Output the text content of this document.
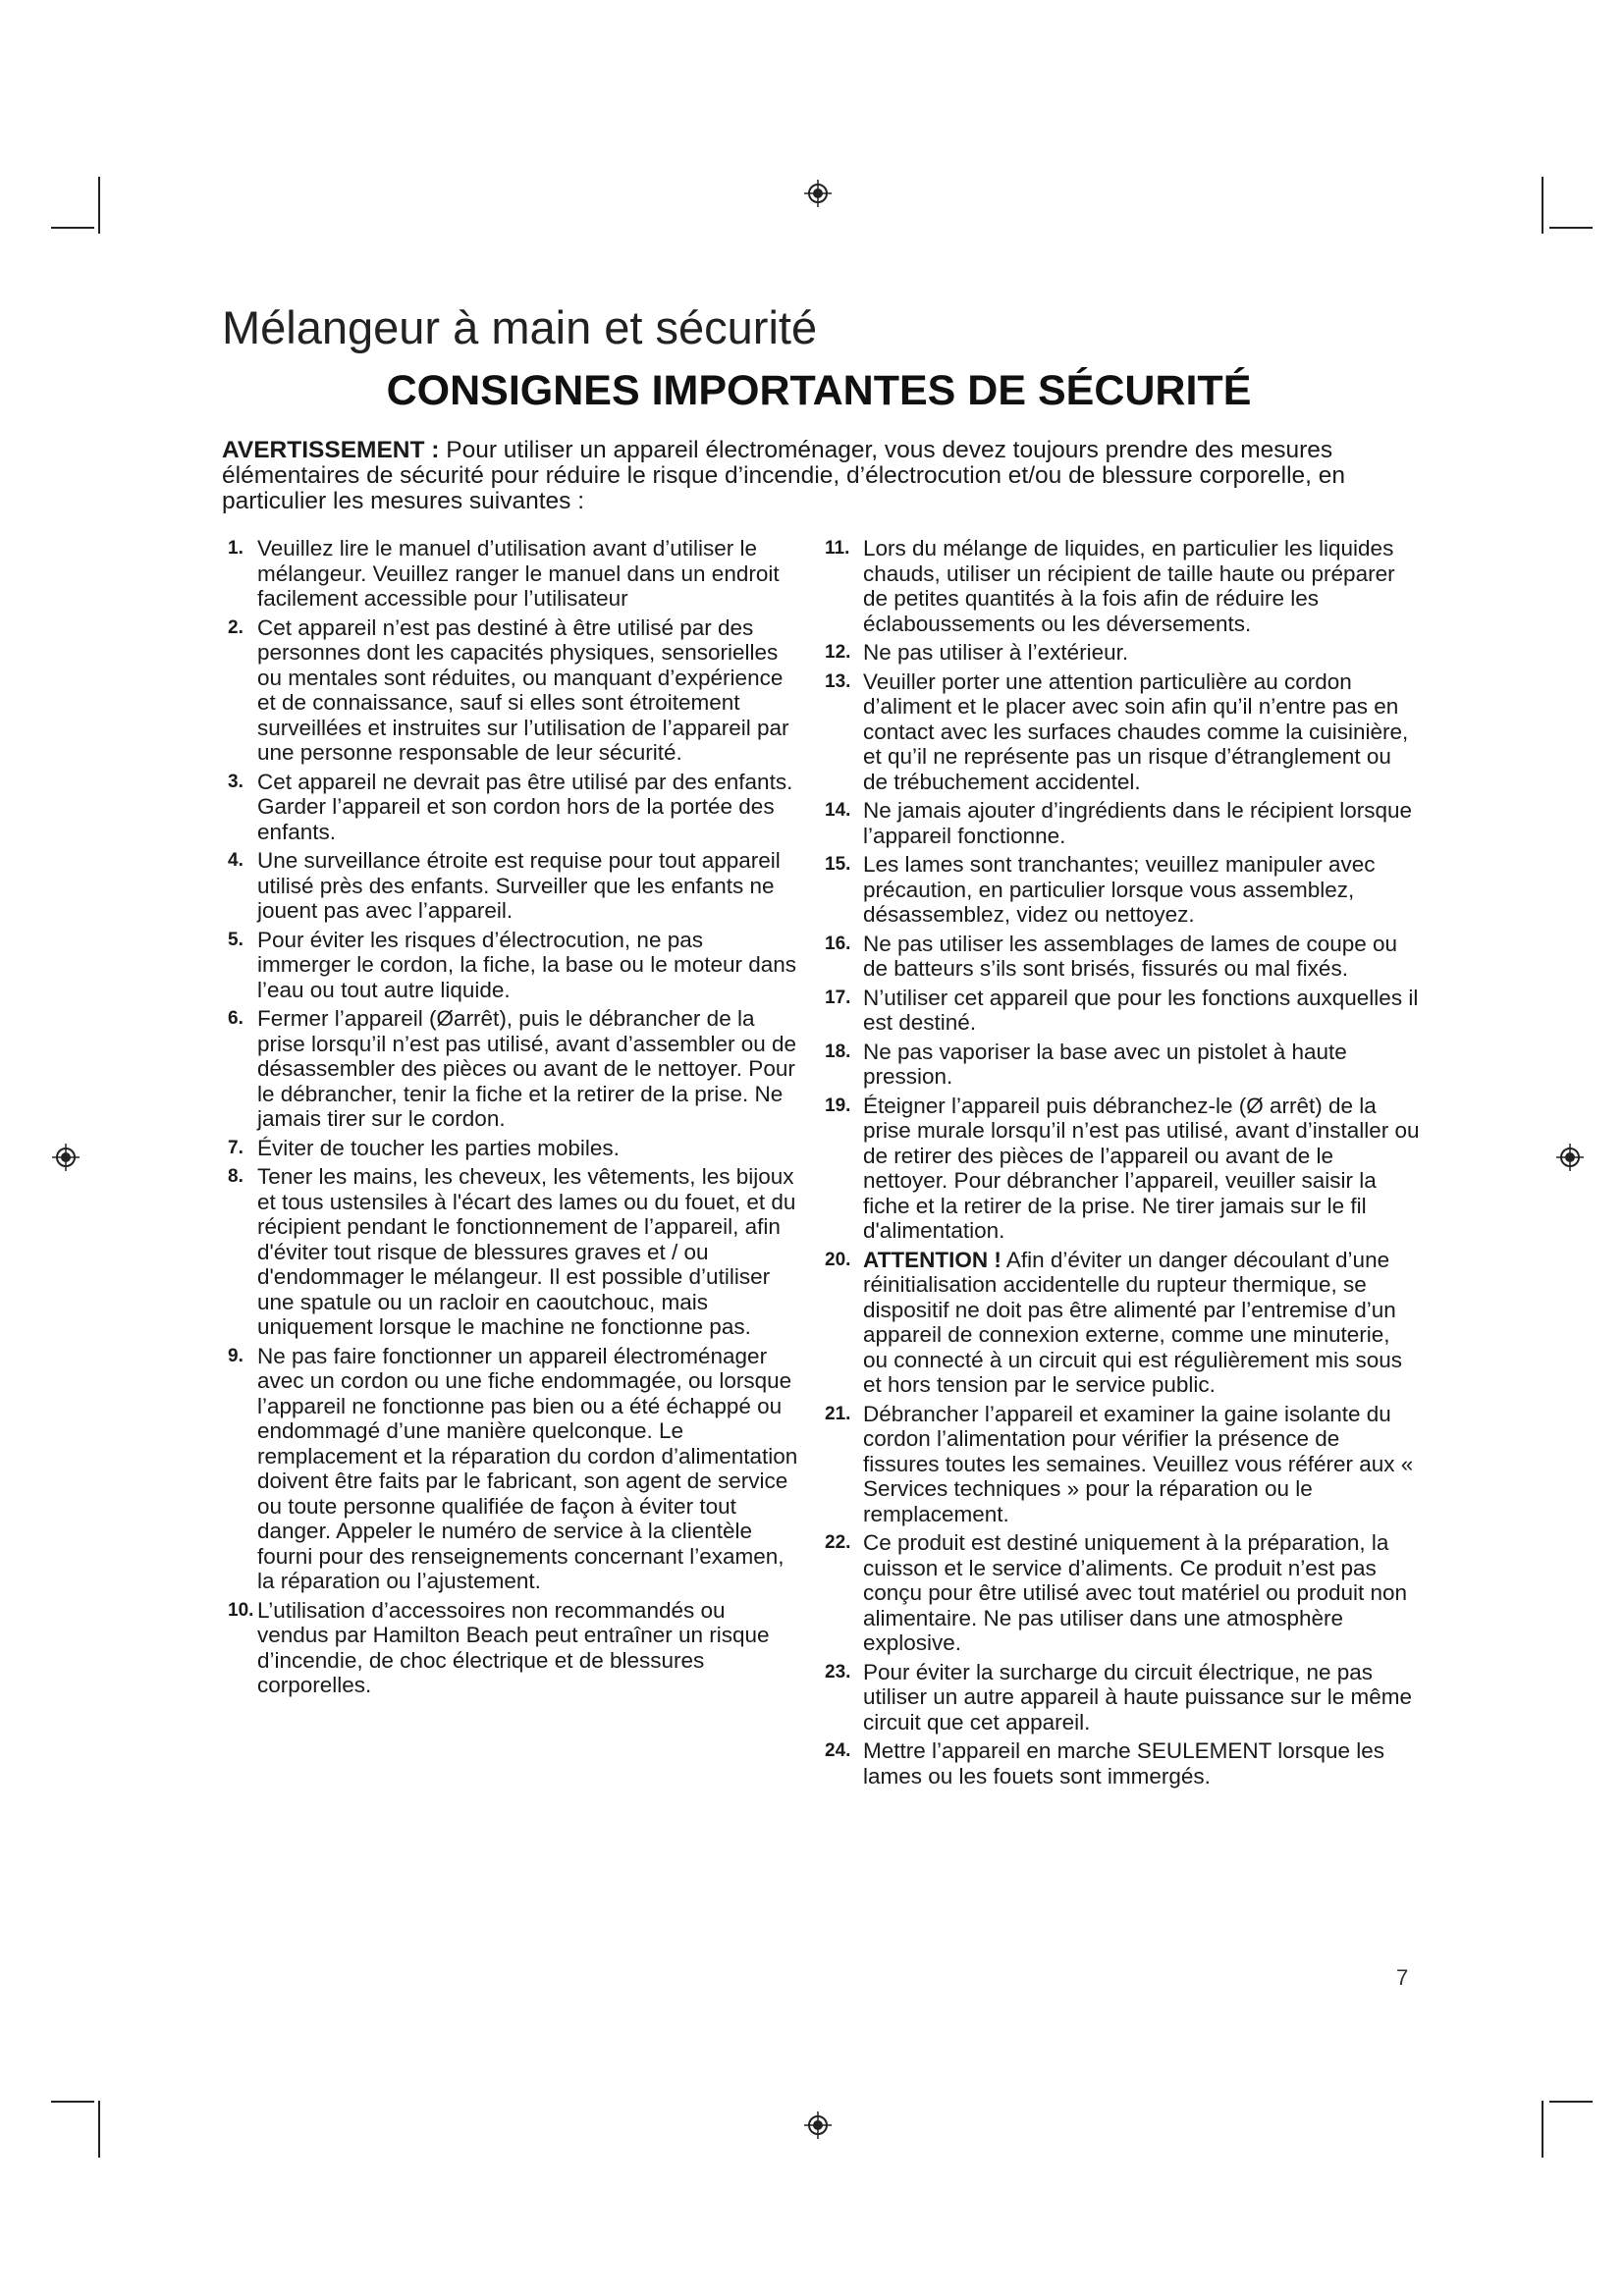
Mélangeur à main et sécurité
CONSIGNES IMPORTANTES DE SÉCURITÉ

AVERTISSEMENT : Pour utiliser un appareil électroménager, vous devez toujours prendre des mesures élémentaires de sécurité pour réduire le risque d’incendie, d’électrocution et/ou de blessure corporelle, en particulier les mesures suivantes :

1. Veuillez lire le manuel d’utilisation avant d’utiliser le mélangeur. Veuillez ranger le manuel dans un endroit facilement accessible pour l’utilisateur
2. Cet appareil n’est pas destiné à être utilisé par des personnes dont les capacités physiques, sensorielles ou mentales sont réduites, ou manquant d’expérience et de connaissance, sauf si elles sont étroitement surveillées et instruites sur l’utilisation de l’appareil par une personne responsable de leur sécurité.
3. Cet appareil ne devrait pas être utilisé par des enfants. Garder l’appareil et son cordon hors de la portée des enfants.
4. Une surveillance étroite est requise pour tout appareil utilisé près des enfants. Surveiller que les enfants ne jouent pas avec l’appareil.
5. Pour éviter les risques d’électrocution, ne pas immerger le cordon, la fiche, la base ou le moteur dans l’eau ou tout autre liquide.
6. Fermer l’appareil (Øarrêt), puis le débrancher de la prise lorsqu’il n’est pas utilisé, avant d’assembler ou de désassembler des pièces ou avant de le nettoyer. Pour le débrancher, tenir la fiche et la retirer de la prise. Ne jamais tirer sur le cordon.
7. Éviter de toucher les parties mobiles.
8. Tener les mains, les cheveux, les vêtements, les bijoux et tous ustensiles à l'écart des lames ou du fouet, et du récipient pendant le fonctionnement de l’appareil, afin d'éviter tout risque de blessures graves et / ou d'endommager le mélangeur. Il est possible d’utiliser une spatule ou un racloir en caoutchouc, mais uniquement lorsque le machine ne fonctionne pas.
9. Ne pas faire fonctionner un appareil électroménager avec un cordon ou une fiche endommagée, ou lorsque l’appareil ne fonctionne pas bien ou a été échappé ou endommagé d’une manière quelconque. Le remplacement et la réparation du cordon d’alimentation doivent être faits par le fabricant, son agent de service ou toute personne qualifiée de façon à éviter tout danger. Appeler le numéro de service à la clientèle fourni pour des renseignements concernant l’examen, la réparation ou l’ajustement.
10. L’utilisation d’accessoires non recommandés ou vendus par Hamilton Beach peut entraîner un risque d’incendie, de choc électrique et de blessures corporelles.
11. Lors du mélange de liquides, en particulier les liquides chauds, utiliser un récipient de taille haute ou préparer de petites quantités à la fois afin de réduire les éclaboussements ou les déversements.
12. Ne pas utiliser à l’extérieur.
13. Veuiller porter une attention particulière au cordon d’aliment et le placer avec soin afin qu’il n’entre pas en contact avec les surfaces chaudes comme la cuisinière, et qu’il ne représente pas un risque d’étranglement ou de trébuchement accidentel.
14. Ne jamais ajouter d’ingrédients dans le récipient lorsque l’appareil fonctionne.
15. Les lames sont tranchantes; veuillez manipuler avec précaution, en particulier lorsque vous assemblez, désassemblez, videz ou nettoyez.
16. Ne pas utiliser les assemblages de lames de coupe ou de batteurs s’ils sont brisés, fissurés ou mal fixés.
17. N’utiliser cet appareil que pour les fonctions auxquelles il est destiné.
18. Ne pas vaporiser la base avec un pistolet à haute pression.
19. Éteigner l’appareil puis débranchez-le (Ø arrêt) de la prise murale lorsqu’il n’est pas utilisé, avant d’installer ou de retirer des pièces de l’appareil ou avant de le nettoyer. Pour débrancher l’appareil, veuiller saisir la fiche et la retirer de la prise. Ne tirer jamais sur le fil d'alimentation.
20. ATTENTION ! Afin d’éviter un danger découlant d’une réinitialisation accidentelle du rupteur thermique, se dispositif ne doit pas être alimenté par l’entremise d’un appareil de connexion externe, comme une minuterie, ou connecté à un circuit qui est régulièrement mis sous et hors tension par le service public.
21. Débrancher l’appareil et examiner la gaine isolante du cordon l’alimentation pour vérifier la présence de fissures toutes les semaines. Veuillez vous référer aux « Services techniques » pour la réparation ou le remplacement.
22. Ce produit est destiné uniquement à la préparation, la cuisson et le service d’aliments. Ce produit n’est pas conçu pour être utilisé avec tout matériel ou produit non alimentaire. Ne pas utiliser dans une atmosphère explosive.
23. Pour éviter la surcharge du circuit électrique, ne pas utiliser un autre appareil à haute puissance sur le même circuit que cet appareil.
24. Mettre l’appareil en marche SEULEMENT lorsque les lames ou les fouets sont immergés.
7
